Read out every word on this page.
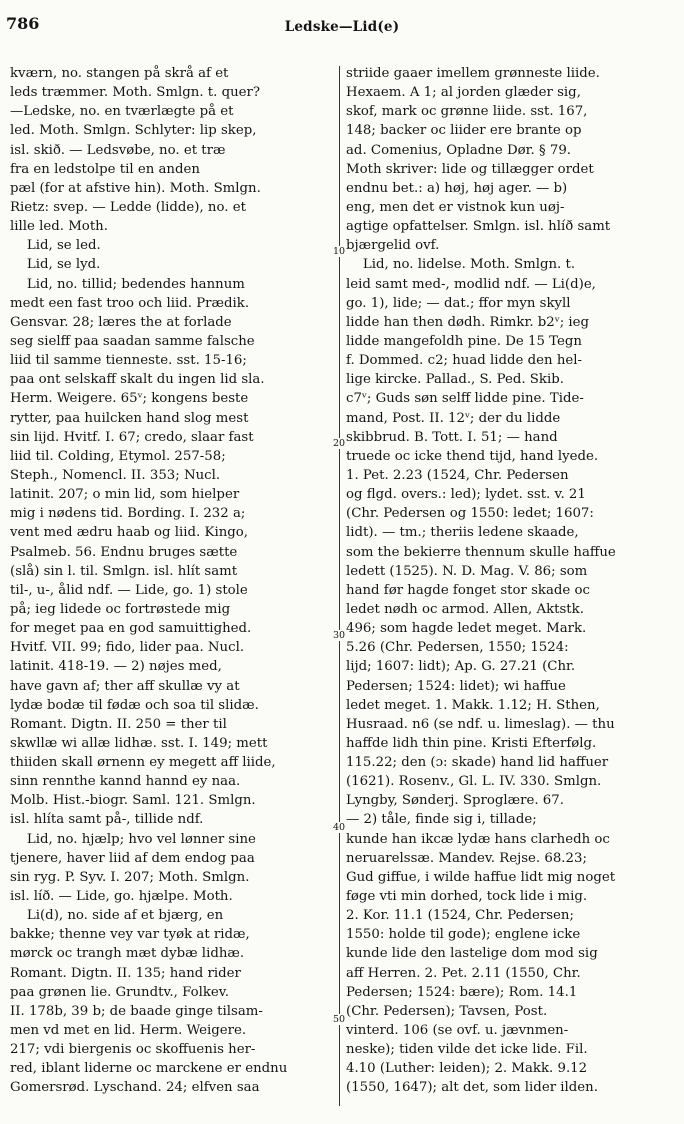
786	Ledske—Lid(e)
kværn, no. stangen på skrå af et
leds træmmer. Moth. Smlgn. t. quer?
—Ledske, no. en tværlægte på et
led. Moth. Smlgn. Schlyter: lip skep,
isl. skið. — Ledsvøbe, no. et træ
fra en ledstolpe til en anden
pæl (for at afstive hin). Moth. Smlgn.
Rietz: svep. — Ledde (lidde), no. et
lille led. Moth.
Lid, se led.
Lid, se lyd.
Lid, no. tillid; bedendes hannum
medt een fast troo och liid. Prædik.
Gensvar. 28; læres the at forlade
seg sielff paa saadan samme falsche
liid til samme tienneste. sst. 15-16;
paa ont selskaff skalt du ingen lid sla.
Herm. Weigere. 65ᵛ; kongens beste
rytter, paa huilcken hand slog mest
sin lijd. Hvitf. I. 67; credo, slaar fast
liid til. Colding, Etymol. 257-58;
Steph., Nomencl. II. 353; Nucl.
latinit. 207; o min lid, som hielper
mig i nødens tid. Bording. I. 232 a;
vent med ædru haab og liid. Kingo,
Psalmeb. 56. Endnu bruges sætte
(slå) sin l. til. Smlgn. isl. hlít samt
til-, u-, ålid ndf. — Lide, go. 1) stole
på; ieg lidede oc fortrøstede mig
for meget paa en god samuittighed.
Hvitf. VII. 99; fido, lider paa. Nucl.
latinit. 418-19. — 2) nøjes med,
have gavn af; ther aff skullæ vy at
lydæ bodæ til fødæ och soa til slidæ.
Romant. Digtn. II. 250 = ther til
skwllæ wi allæ lidhæ. sst. I. 149; mett
thiiden skall ørnenn ey megett aff liide,
sinn rennthe kannd hannd ey naa.
Molb. Hist.-biogr. Saml. 121. Smlgn.
isl. hlíta samt på-, tillide ndf.
Lid, no. hjælp; hvo vel lønner sine
tjenere, haver liid af dem endog paa
sin ryg. P. Syv. I. 207; Moth. Smlgn.
isl. líð. — Lide, go. hjælpe. Moth.
Li(d), no. side af et bjærg, en
bakke; thenne vey var tyøk at ridæ,
mørck oc trangh mæt dybæ lidhæ.
Romant. Digtn. II. 135; hand rider
paa grønen lie. Grundtv., Folkev.
II. 178b, 39 b; de baade ginge tilsam-
men vd met en lid. Herm. Weigere.
217; vdi biergenis oc skoffuenis her-
red, iblant liderne oc marckene er endnu
Gomersrød. Lyschand. 24; elfven saa
10
20
30
40
50
striide gaaer imellem grønneste liide.
Hexaem. A 1; al jorden glæder sig,
skof, mark oc grønne liide. sst. 167,
148; backer oc liider ere brante op
ad. Comenius, Opladne Dør. § 79.
Moth skriver: lide og tillægger ordet
endnu bet.: a) høj, høj ager. — b)
eng, men det er vistnok kun uøj-
agtige opfattelser. Smlgn. isl. hlíð samt
bjærgelid ovf.
Lid, no. lidelse. Moth. Smlgn. t.
leid samt med-, modlid ndf. — Li(d)e,
go. 1), lide; — dat.; ffor myn skyll
lidde han then dødh. Rimkr. b2ᵛ; ieg
lidde mangefoldh pine. De 15 Tegn
f. Dommed. c2; huad lidde den hel-
lige kircke. Pallad., S. Ped. Skib.
c7ᵛ; Guds søn selff lidde pine. Tide-
mand, Post. II. 12ᵛ; der du lidde
skibbrud. B. Tott. I. 51; — hand
truede oc icke thend tijd, hand lyede.
1. Pet. 2.23 (1524, Chr. Pedersen
og flgd. overs.: led); lydet. sst. v. 21
(Chr. Pedersen og 1550: ledet; 1607:
lidt). — tm.; theriis ledene skaade,
som the bekierre thennum skulle haffue
ledett (1525). N. D. Mag. V. 86; som
hand før hagde fonget stor skade oc
ledet nødh oc armod. Allen, Aktstk.
496; som hagde ledet meget. Mark.
5.26 (Chr. Pedersen, 1550; 1524:
lijd; 1607: lidt); Ap. G. 27.21 (Chr.
Pedersen; 1524: lidet); wi haffue
ledet meget. 1. Makk. 1.12; H. Sthen,
Husraad. n6 (se ndf. u. limeslag). — thu
haffde lidh thin pine. Kristi Efterfølg.
115.22; den (ɔ: skade) hand lid haffuer
(1621). Rosenv., Gl. L. IV. 330. Smlgn.
Lyngby, Sønderj. Sproglære. 67.
— 2) tåle, finde sig i, tillade;
kunde han ikcæ lydæ hans clarhedh oc
neruarelssæ. Mandev. Rejse. 68.23;
Gud giffue, i wilde haffue lidt mig noget
føge vti min dorhed, tock lide i mig.
2. Kor. 11.1 (1524, Chr. Pedersen;
1550: holde til gode); englene icke
kunde lide den lastelige dom mod sig
aff Herren. 2. Pet. 2.11 (1550, Chr.
Pedersen; 1524: bære); Rom. 14.1
(Chr. Pedersen); Tavsen, Post.
vinterd. 106 (se ovf. u. jævnmen-
neske); tiden vilde det icke lide. Fil.
4.10 (Luther: leiden); 2. Makk. 9.12
(1550, 1647); alt det, som lider ilden.
